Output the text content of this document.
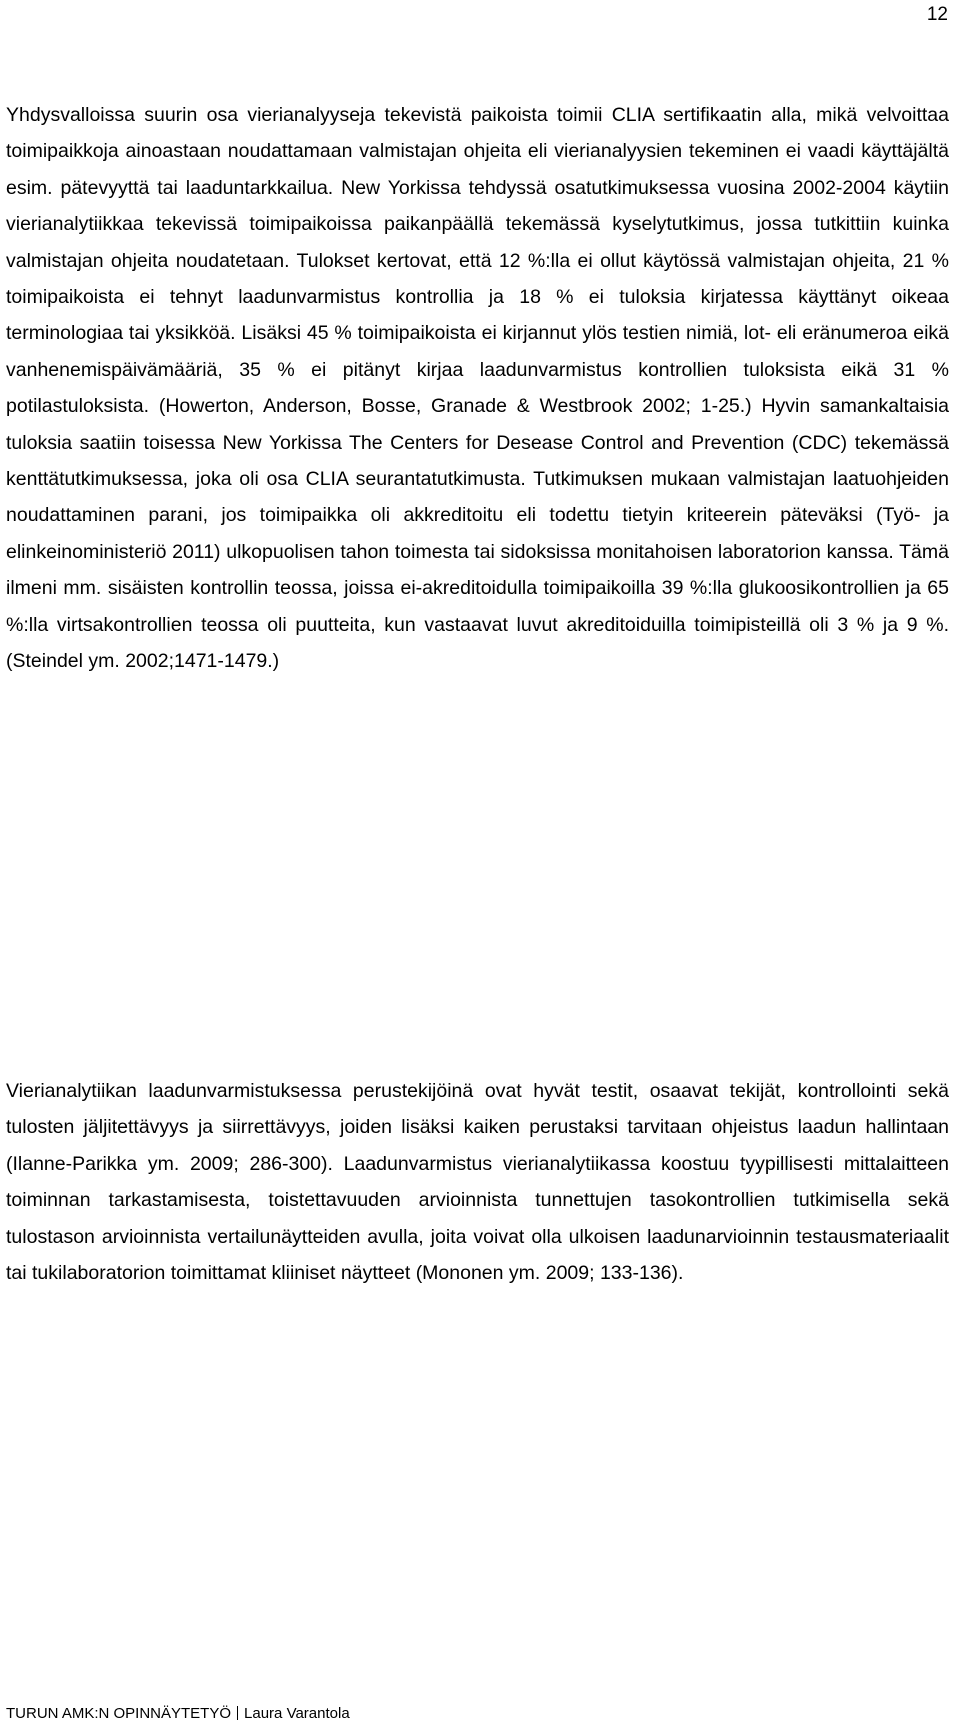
12

Yhdysvalloissa suurin osa vierianalyyseja tekevistä paikoista toimii CLIA sertifikaatin alla, mikä velvoittaa toimipaikkoja ainoastaan noudattamaan valmistajan ohjeita eli vierianalyysien tekeminen ei vaadi käyttäjältä esim. pätevyyttä tai laaduntarkkailua. New Yorkissa tehdyssä osatutkimuksessa vuosina 2002-2004 käytiin vierianalytiikkaa tekevissä toimipaikoissa paikanpäällä tekemässä kyselytutkimus, jossa tutkittiin kuinka valmistajan ohjeita noudatetaan. Tulokset kertovat, että 12 %:lla ei ollut käytössä valmistajan ohjeita, 21 % toimipaikoista ei tehnyt laadunvarmistus kontrollia ja 18 % ei tuloksia kirjatessa käyttänyt oikeaa terminologiaa tai yksikköä. Lisäksi 45 % toimipaikoista ei kirjannut ylös testien nimiä, lot- eli eränumeroa eikä vanhenemispäivämääriä, 35 % ei pitänyt kirjaa laadunvarmistus kontrollien tuloksista eikä 31 % potilastuloksista. (Howerton, Anderson, Bosse, Granade & Westbrook 2002; 1-25.) Hyvin samankaltaisia tuloksia saatiin toisessa New Yorkissa The Centers for Desease Control and Prevention (CDC) tekemässä kenttätutkimuksessa, joka oli osa CLIA seurantatutkimusta. Tutkimuksen mukaan valmistajan laatuohjeiden noudattaminen parani, jos toimipaikka oli akkreditoitu eli todettu tietyin kriteerein päteväksi (Työ- ja elinkeinoministeriö 2011) ulkopuolisen tahon toimesta tai sidoksissa monitahoisen laboratorion kanssa. Tämä ilmeni mm. sisäisten kontrollin teossa, joissa ei-akreditoidulla toimipaikoilla 39 %:lla glukoosikontrollien ja 65 %:lla virtsakontrollien teossa oli puutteita, kun vastaavat luvut akreditoiduilla toimipisteillä oli 3 % ja 9 %. (Steindel ym. 2002;1471-1479.)

Vierianalytiikan laadunvarmistuksessa perustekijöinä ovat hyvät testit, osaavat tekijät, kontrollointi sekä tulosten jäljitettävyys ja siirrettävyys, joiden lisäksi kaiken perustaksi tarvitaan ohjeistus laadun hallintaan (Ilanne-Parikka ym. 2009; 286-300). Laadunvarmistus vierianalytiikassa koostuu tyypillisesti mittalaitteen toiminnan tarkastamisesta, toistettavuuden arvioinnista tunnettujen tasokontrollien tutkimisella sekä tulostason arvioinnista vertailunäytteiden avulla, joita voivat olla ulkoisen laadunarvioinnin testausmateriaalit tai tukilaboratorion toimittamat kliiniset näytteet (Mononen ym. 2009; 133-136).

TURUN AMK:N OPINNÄYTETYÖ Laura Varantola
